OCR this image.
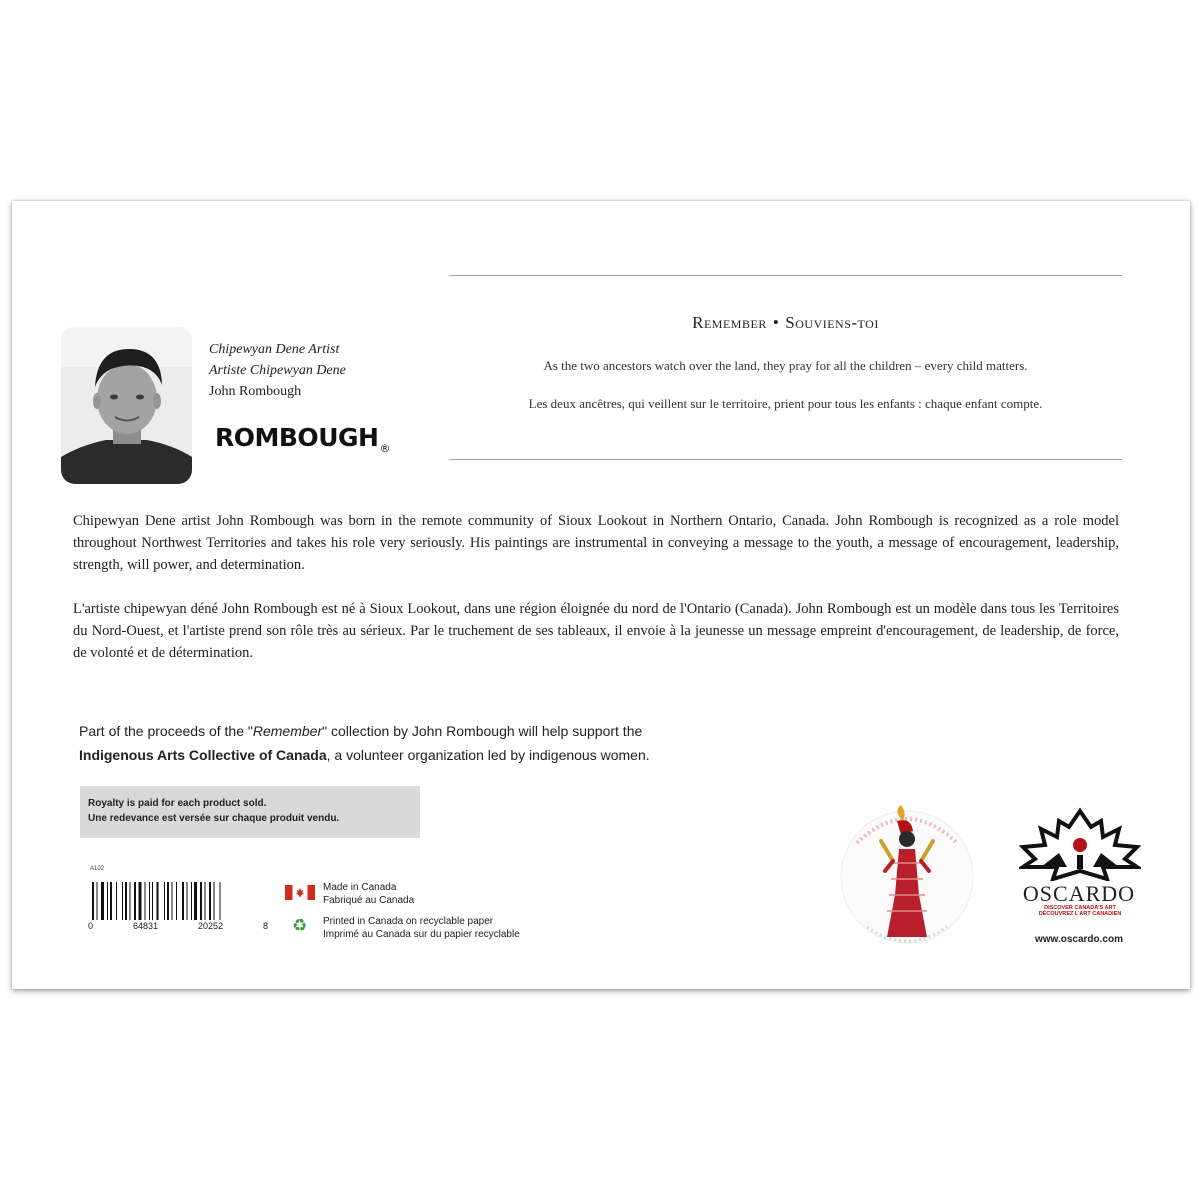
Remember • Souviens-toi
As the two ancestors watch over the land, they pray for all the children – every child matters.
Les deux ancêtres, qui veillent sur le territoire, prient pour tous les enfants : chaque enfant compte.
Chipewyan Dene Artist
Artiste Chipewyan Dene
John Rombough
$ROMBOUGH_®$

Chipewyan Dene artist John Rombough was born in the remote community of Sioux Lookout in Northern Ontario, Canada. John Rombough is recognized as a role model throughout Northwest Territories and takes his role very seriously. His paintings are instrumental in conveying a message to the youth, a message of encouragement, leadership, strength, will power, and determination.

L'artiste chipewyan déné John Rombough est né à Sioux Lookout, dans une région éloignée du nord de l'Ontario (Canada). John Rombough est un modèle dans tous les Territoires du Nord-Ouest, et l'artiste prend son rôle très au sérieux. Par le truchement de ses tableaux, il envoie à la jeunesse un message empreint d'encouragement, de leadership, de force, de volonté et de détermination.

Part of the proceeds of the "Remember" collection by John Rombough will help support the
Indigenous Arts Collective of Canada, a volunteer organization led by indigenous women.
Royalty is paid for each product sold.
Une redevance est versée sur chaque produit vendu.
A102
0	64831	20252	8
Made in Canada
Fabriqué au Canada
♻ Printed in Canada on recyclable paper
Imprimé au Canada sur du papier recyclable
OSCARDO
DISCOVER CANADA'S ART
DÉCOUVREZ L'ART CANADIEN
www.oscardo.com
